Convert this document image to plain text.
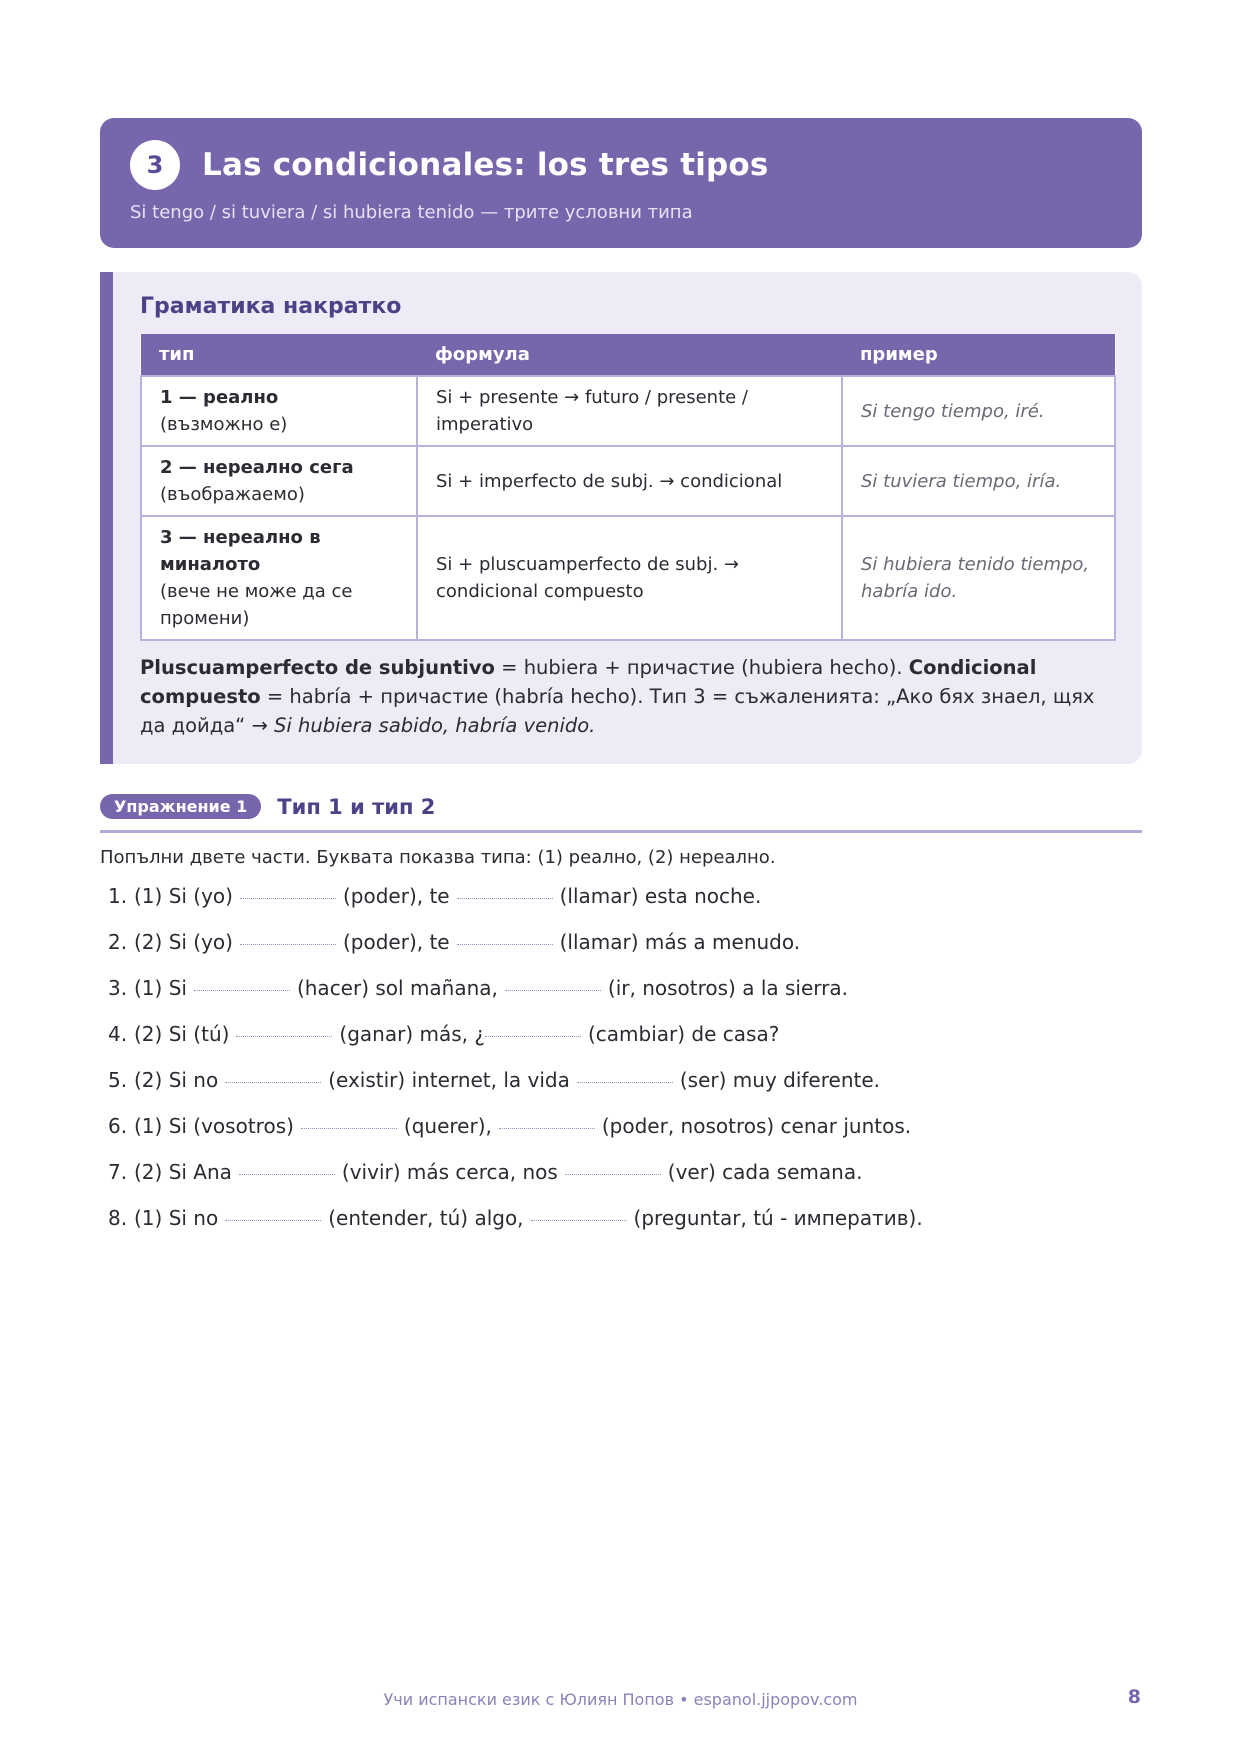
3	Las condicionales: los tres tipos
Si tengo / si tuviera / si hubiera tenido — трите условни типа
Граматика накратко
тип	формула	пример

1 — реално
(възможно е)	Si + presente → futuro / presente / imperativo	Si tengo tiempo, iré.

2 — нереално сега
(въображаемо)	Si + imperfecto de subj. → condicional	Si tuviera tiempo, iría.

3 — нереално в миналото
(вече не може да се промени)	Si + pluscuamperfecto de subj. → condicional compuesto	Si hubiera tenido tiempo, habría ido.

Pluscuamperfecto de subjuntivo = hubiera + причастие (hubiera hecho). Condicional compuesto = habría + причастие (habría hecho). Тип 3 = съжаленията: „Ако бях знаел, щях да дойда“ → Si hubiera sabido, habría venido.

Упражнение 1	Тип 1 и тип 2
Попълни двете части. Буквата показва типа: (1) реално, (2) нереално.
1. (1) Si (yo)	(poder), te	(llamar) esta noche.
2. (2) Si (yo)	(poder), te	(llamar) más a menudo.
3. (1) Si	(hacer) sol mañana,	(ir, nosotros) a la sierra.
4. (2) Si (tú)	(ganar) más, ¿	(cambiar) de casa?
5. (2) Si no	(existir) internet, la vida	(ser) muy diferente.
6. (1) Si (vosotros)	(querer),	(poder, nosotros) cenar juntos.
7. (2) Si Ana	(vivir) más cerca, nos	(ver) cada semana.
8. (1) Si no	(entender, tú) algo,	(preguntar, tú - императив).
Учи испански език с Юлиян Попов • espanol.jjpopov.com	8
